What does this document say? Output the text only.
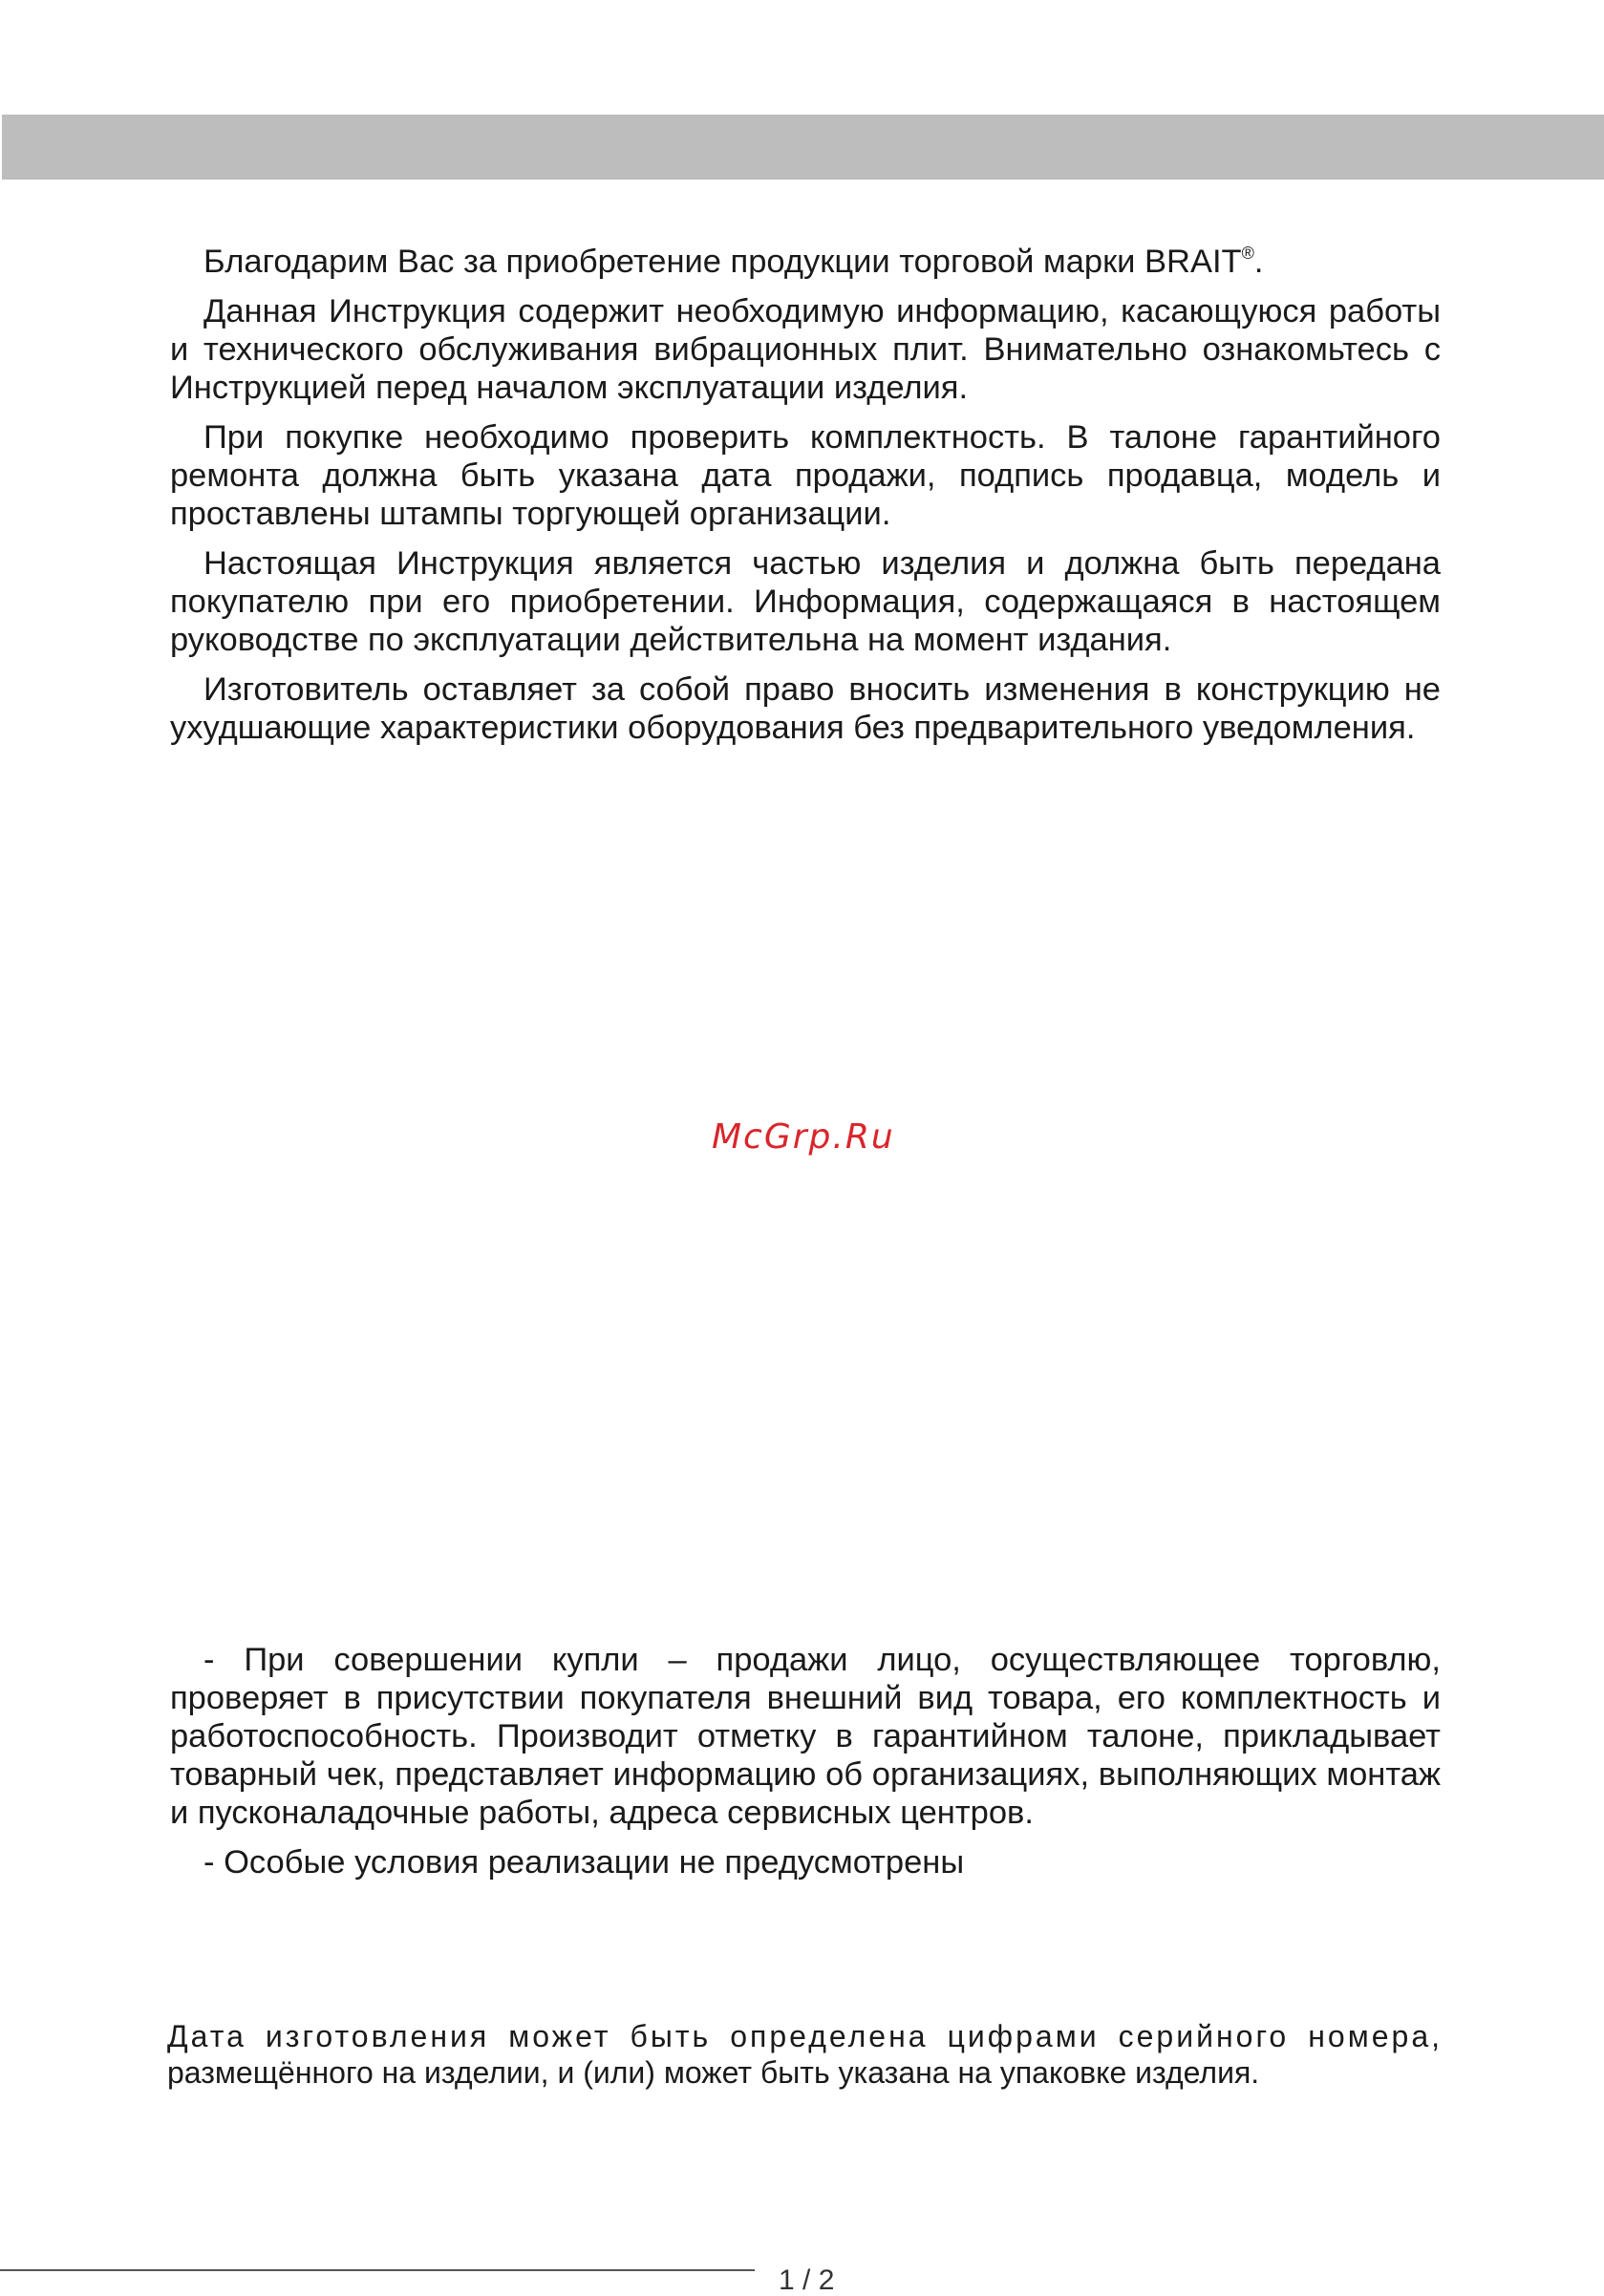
Благодарим Вас за приобретение продукции торговой марки BRAIT®.

Данная Инструкция содержит необходимую информацию, касающуюся работы и технического обслуживания вибрационных плит. Внимательно ознакомьтесь с Инструкцией перед началом эксплуатации изделия.

При покупке необходимо проверить комплектность. В талоне гарантийного ремонта должна быть указана дата продажи, подпись продавца, модель и проставлены штампы торгующей организации.

Настоящая Инструкция является частью изделия и должна быть передана покупателю при его приобретении. Информация, содержащаяся в настоящем руководстве по эксплуатации действительна на момент издания.

Изготовитель оставляет за собой право вносить изменения в конструкцию не ухудшающие характеристики оборудования без предварительного уведомления.

McGrp.Ru

- При совершении купли – продажи лицо, осуществляющее торговлю, проверяет в присутствии покупателя внешний вид товара, его комплектность и работоспособность. Производит отметку в гарантийном талоне, прикладывает товарный чек, представляет информацию об организациях, выполняющих монтаж и пусконаладочные работы, адреса сервисных центров.

- Особые условия реализации не предусмотрены

Дата изготовления может быть определена цифрами серийного номера,

размещённого на изделии, и (или) может быть указана на упаковке изделия.

1 / 2
